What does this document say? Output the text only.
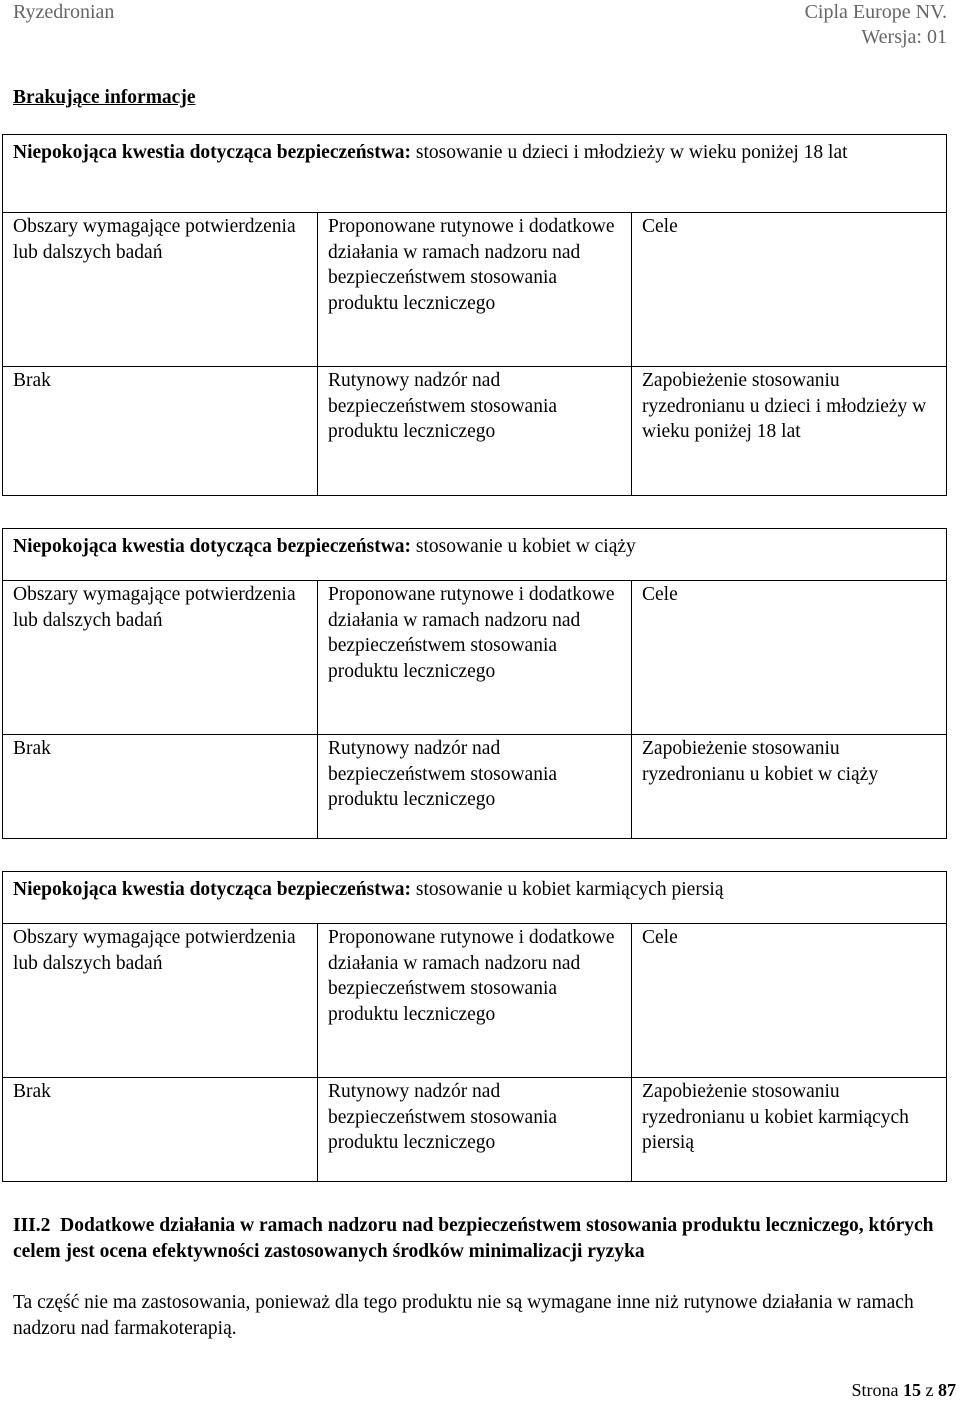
Ryzedronian	Cipla Europe NV.
Wersja: 01
Brakujące informacje
Niepokojąca kwestia dotycząca bezpieczeństwa: stosowanie u dzieci i młodzieży w wieku poniżej 18 lat		
Obszary wymagające potwierdzenia lub dalszych badań	Proponowane rutynowe i dodatkowe działania w ramach nadzoru nad bezpieczeństwem stosowania produktu leczniczego	Cele
Brak	Rutynowy nadzór nad bezpieczeństwem stosowania produktu leczniczego	Zapobieżenie stosowaniu ryzedronianu u dzieci i młodzieży w wieku poniżej 18 lat
Niepokojąca kwestia dotycząca bezpieczeństwa: stosowanie u kobiet w ciąży		
Obszary wymagające potwierdzenia lub dalszych badań	Proponowane rutynowe i dodatkowe działania w ramach nadzoru nad bezpieczeństwem stosowania produktu leczniczego	Cele
Brak	Rutynowy nadzór nad bezpieczeństwem stosowania produktu leczniczego	Zapobieżenie stosowaniu ryzedronianu u kobiet w ciąży
Niepokojąca kwestia dotycząca bezpieczeństwa: stosowanie u kobiet karmiących piersią		
Obszary wymagające potwierdzenia lub dalszych badań	Proponowane rutynowe i dodatkowe działania w ramach nadzoru nad bezpieczeństwem stosowania produktu leczniczego	Cele
Brak	Rutynowy nadzór nad bezpieczeństwem stosowania produktu leczniczego	Zapobieżenie stosowaniu ryzedronianu u kobiet karmiących piersią
III.2  Dodatkowe działania w ramach nadzoru nad bezpieczeństwem stosowania produktu leczniczego, których celem jest ocena efektywności zastosowanych środków minimalizacji ryzyka
Ta część nie ma zastosowania, ponieważ dla tego produktu nie są wymagane inne niż rutynowe działania w ramach nadzoru nad farmakoterapią.
Strona 15 z 87
